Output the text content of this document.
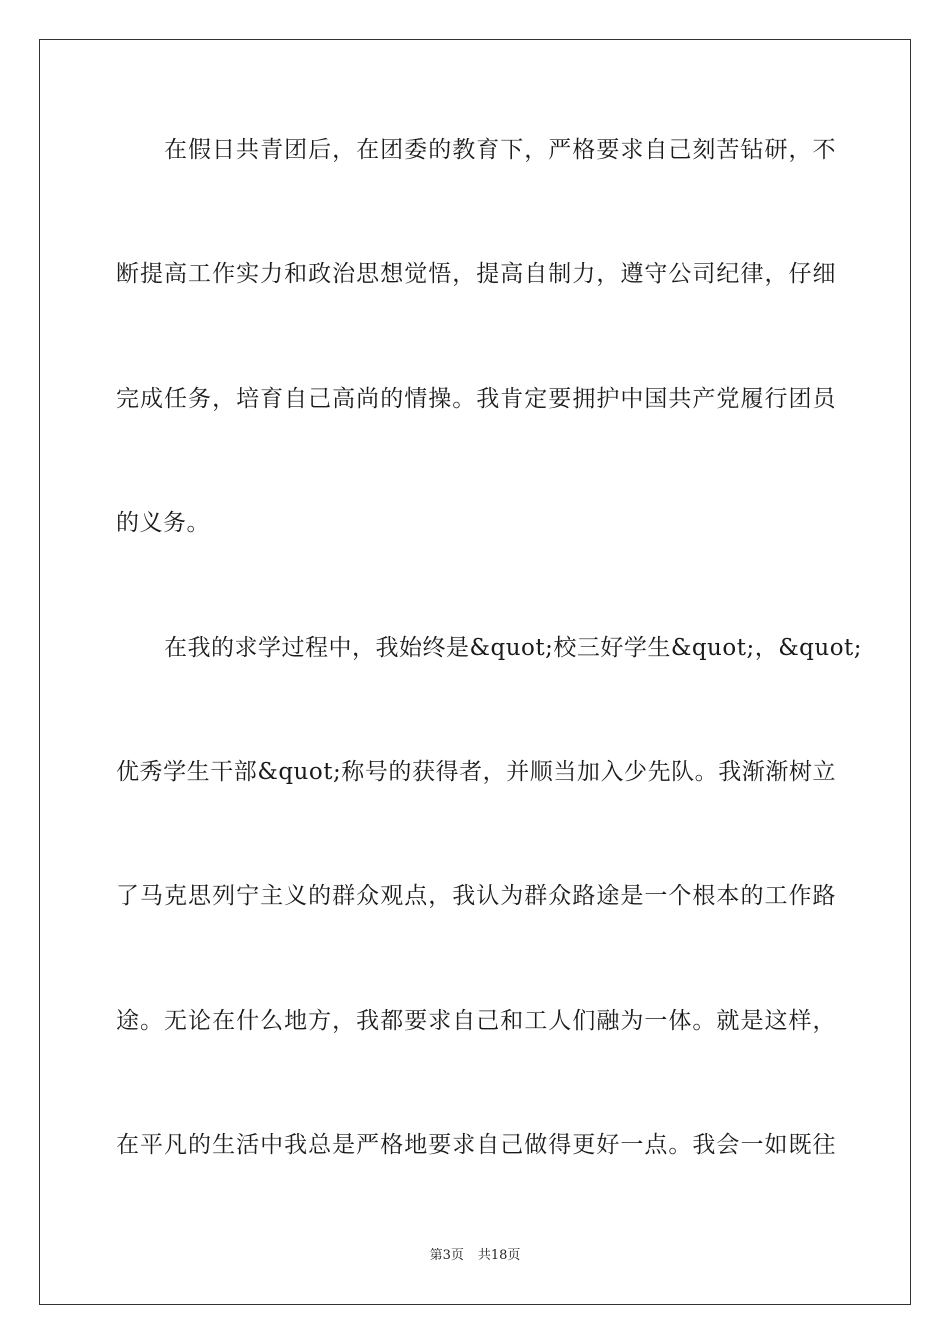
在假日共青团后，在团委的教育下，严格要求自己刻苦钻研，不
断提高工作实力和政治思想觉悟，提高自制力，遵守公司纪律，仔细
完成任务，培育自己高尚的情操。我肯定要拥护中国共产党履行团员
的义务。
在我的求学过程中，我始终是&quot;校三好学生&quot;，&quot;
优秀学生干部&quot;称号的获得者，并顺当加入少先队。我渐渐树立
了马克思列宁主义的群众观点，我认为群众路途是一个根本的工作路
途。无论在什么地方，我都要求自己和工人们融为一体。就是这样，
在平凡的生活中我总是严格地要求自己做得更好一点。我会一如既往
第3页 共18页
